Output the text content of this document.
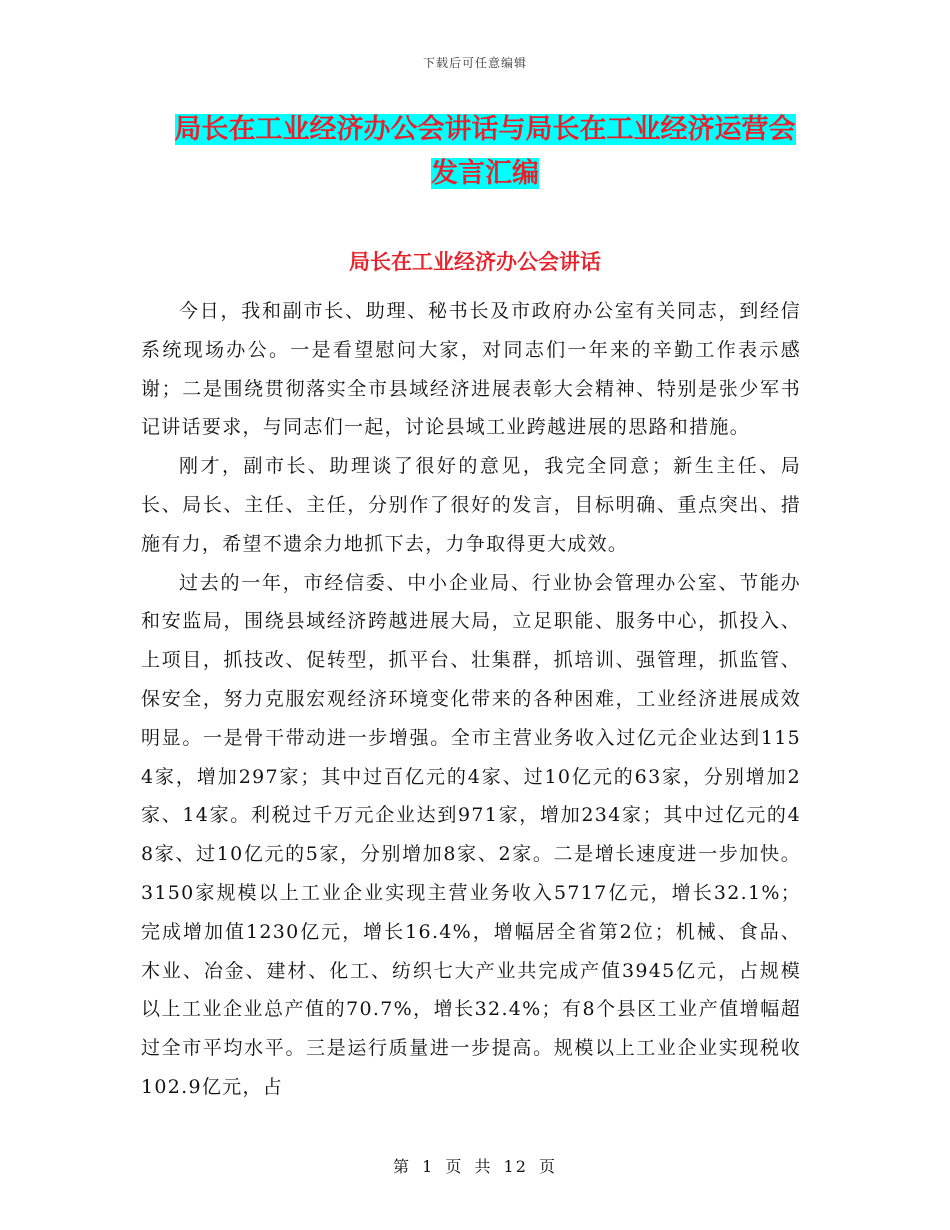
下载后可任意编辑
局长在工业经济办公会讲话与局长在工业经济运营会
发言汇编
局长在工业经济办公会讲话

今日，我和副市长、助理、秘书长及市政府办公室有关同志，到经信系统现场办公。一是看望慰问大家，对同志们一年来的辛勤工作表示感谢；二是围绕贯彻落实全市县域经济进展表彰大会精神、特别是张少军书记讲话要求，与同志们一起，讨论县域工业跨越进展的思路和措施。

刚才，副市长、助理谈了很好的意见，我完全同意；新生主任、局长、局长、主任、主任，分别作了很好的发言，目标明确、重点突出、措施有力，希望不遗余力地抓下去，力争取得更大成效。

过去的一年，市经信委、中小企业局、行业协会管理办公室、节能办和安监局，围绕县域经济跨越进展大局，立足职能、服务中心，抓投入、上项目，抓技改、促转型，抓平台、壮集群，抓培训、强管理，抓监管、保安全，努力克服宏观经济环境变化带来的各种困难，工业经济进展成效明显。一是骨干带动进一步增强。全市主营业务收入过亿元企业达到1154家，增加297家；其中过百亿元的4家、过10亿元的63家，分别增加2家、14家。利税过千万元企业达到971家，增加234家；其中过亿元的48家、过10亿元的5家，分别增加8家、2家。二是增长速度进一步加快。3150家规模以上工业企业实现主营业务收入5717亿元，增长32.1%；完成增加值1230亿元，增长16.4%，增幅居全省第2位；机械、食品、木业、冶金、建材、化工、纺织七大产业共完成产值3945亿元，占规模以上工业企业总产值的70.7%，增长32.4%；有8个县区工业产值增幅超过全市平均水平。三是运行质量进一步提高。规模以上工业企业实现税收102.9亿元，占

第 1 页 共 12 页
